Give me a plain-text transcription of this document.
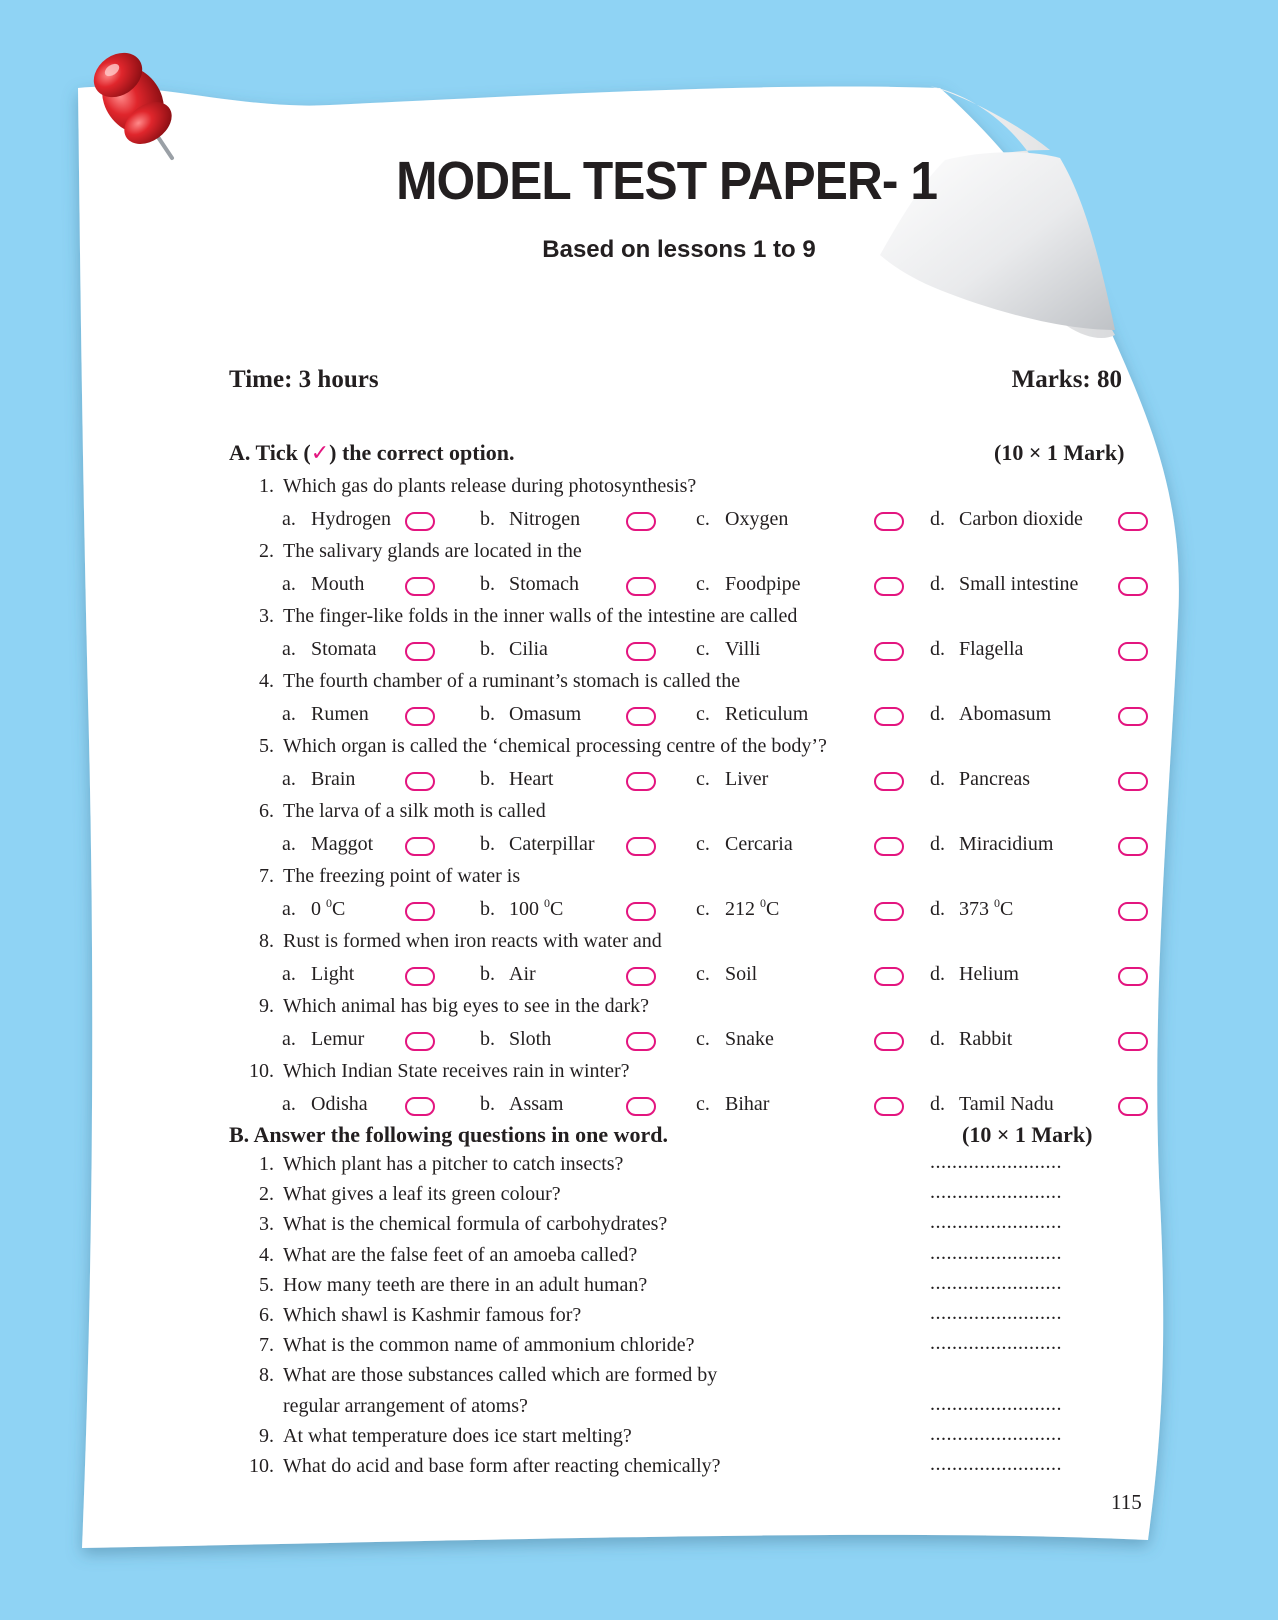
MODEL TEST PAPER- 1
Based on lessons 1 to 9
Time: 3 hours	Marks: 80
A. Tick (✓) the correct option.	(10 × 1 Mark)
1. Which gas do plants release during photosynthesis?
a. Hydrogen	b. Nitrogen	c. Oxygen	d. Carbon dioxide
2. The salivary glands are located in the
a. Mouth	b. Stomach	c. Foodpipe	d. Small intestine
3. The finger-like folds in the inner walls of the intestine are called
a. Stomata	b. Cilia	c. Villi	d. Flagella
4. The fourth chamber of a ruminant’s stomach is called the
a. Rumen	b. Omasum	c. Reticulum	d. Abomasum
5. Which organ is called the ‘chemical processing centre of the body’?
a. Brain	b. Heart	c. Liver	d. Pancreas
6. The larva of a silk moth is called
a. Maggot	b. Caterpillar	c. Cercaria	d. Miracidium
7. The freezing point of water is
a. 0 $^0$C	b. 100 $^0$C	c. 212 $^0$C	d. 373 $^0$C
8. Rust is formed when iron reacts with water and
a. Light	b. Air	c. Soil	d. Helium
9. Which animal has big eyes to see in the dark?
a. Lemur	b. Sloth	c. Snake	d. Rabbit
10. Which Indian State receives rain in winter?
a. Odisha	b. Assam	c. Bihar	d. Tamil Nadu
B. Answer the following questions in one word.	(10 × 1 Mark)
1. Which plant has a pitcher to catch insects?	........................
2. What gives a leaf its green colour?	........................
3. What is the chemical formula of carbohydrates?	........................
4. What are the false feet of an amoeba called?	........................
5. How many teeth are there in an adult human?	........................
6. Which shawl is Kashmir famous for?	........................
7. What is the common name of ammonium chloride?	........................
8. What are those substances called which are formed by
regular arrangement of atoms?	........................
9. At what temperature does ice start melting?	........................
10. What do acid and base form after reacting chemically?	........................
115
